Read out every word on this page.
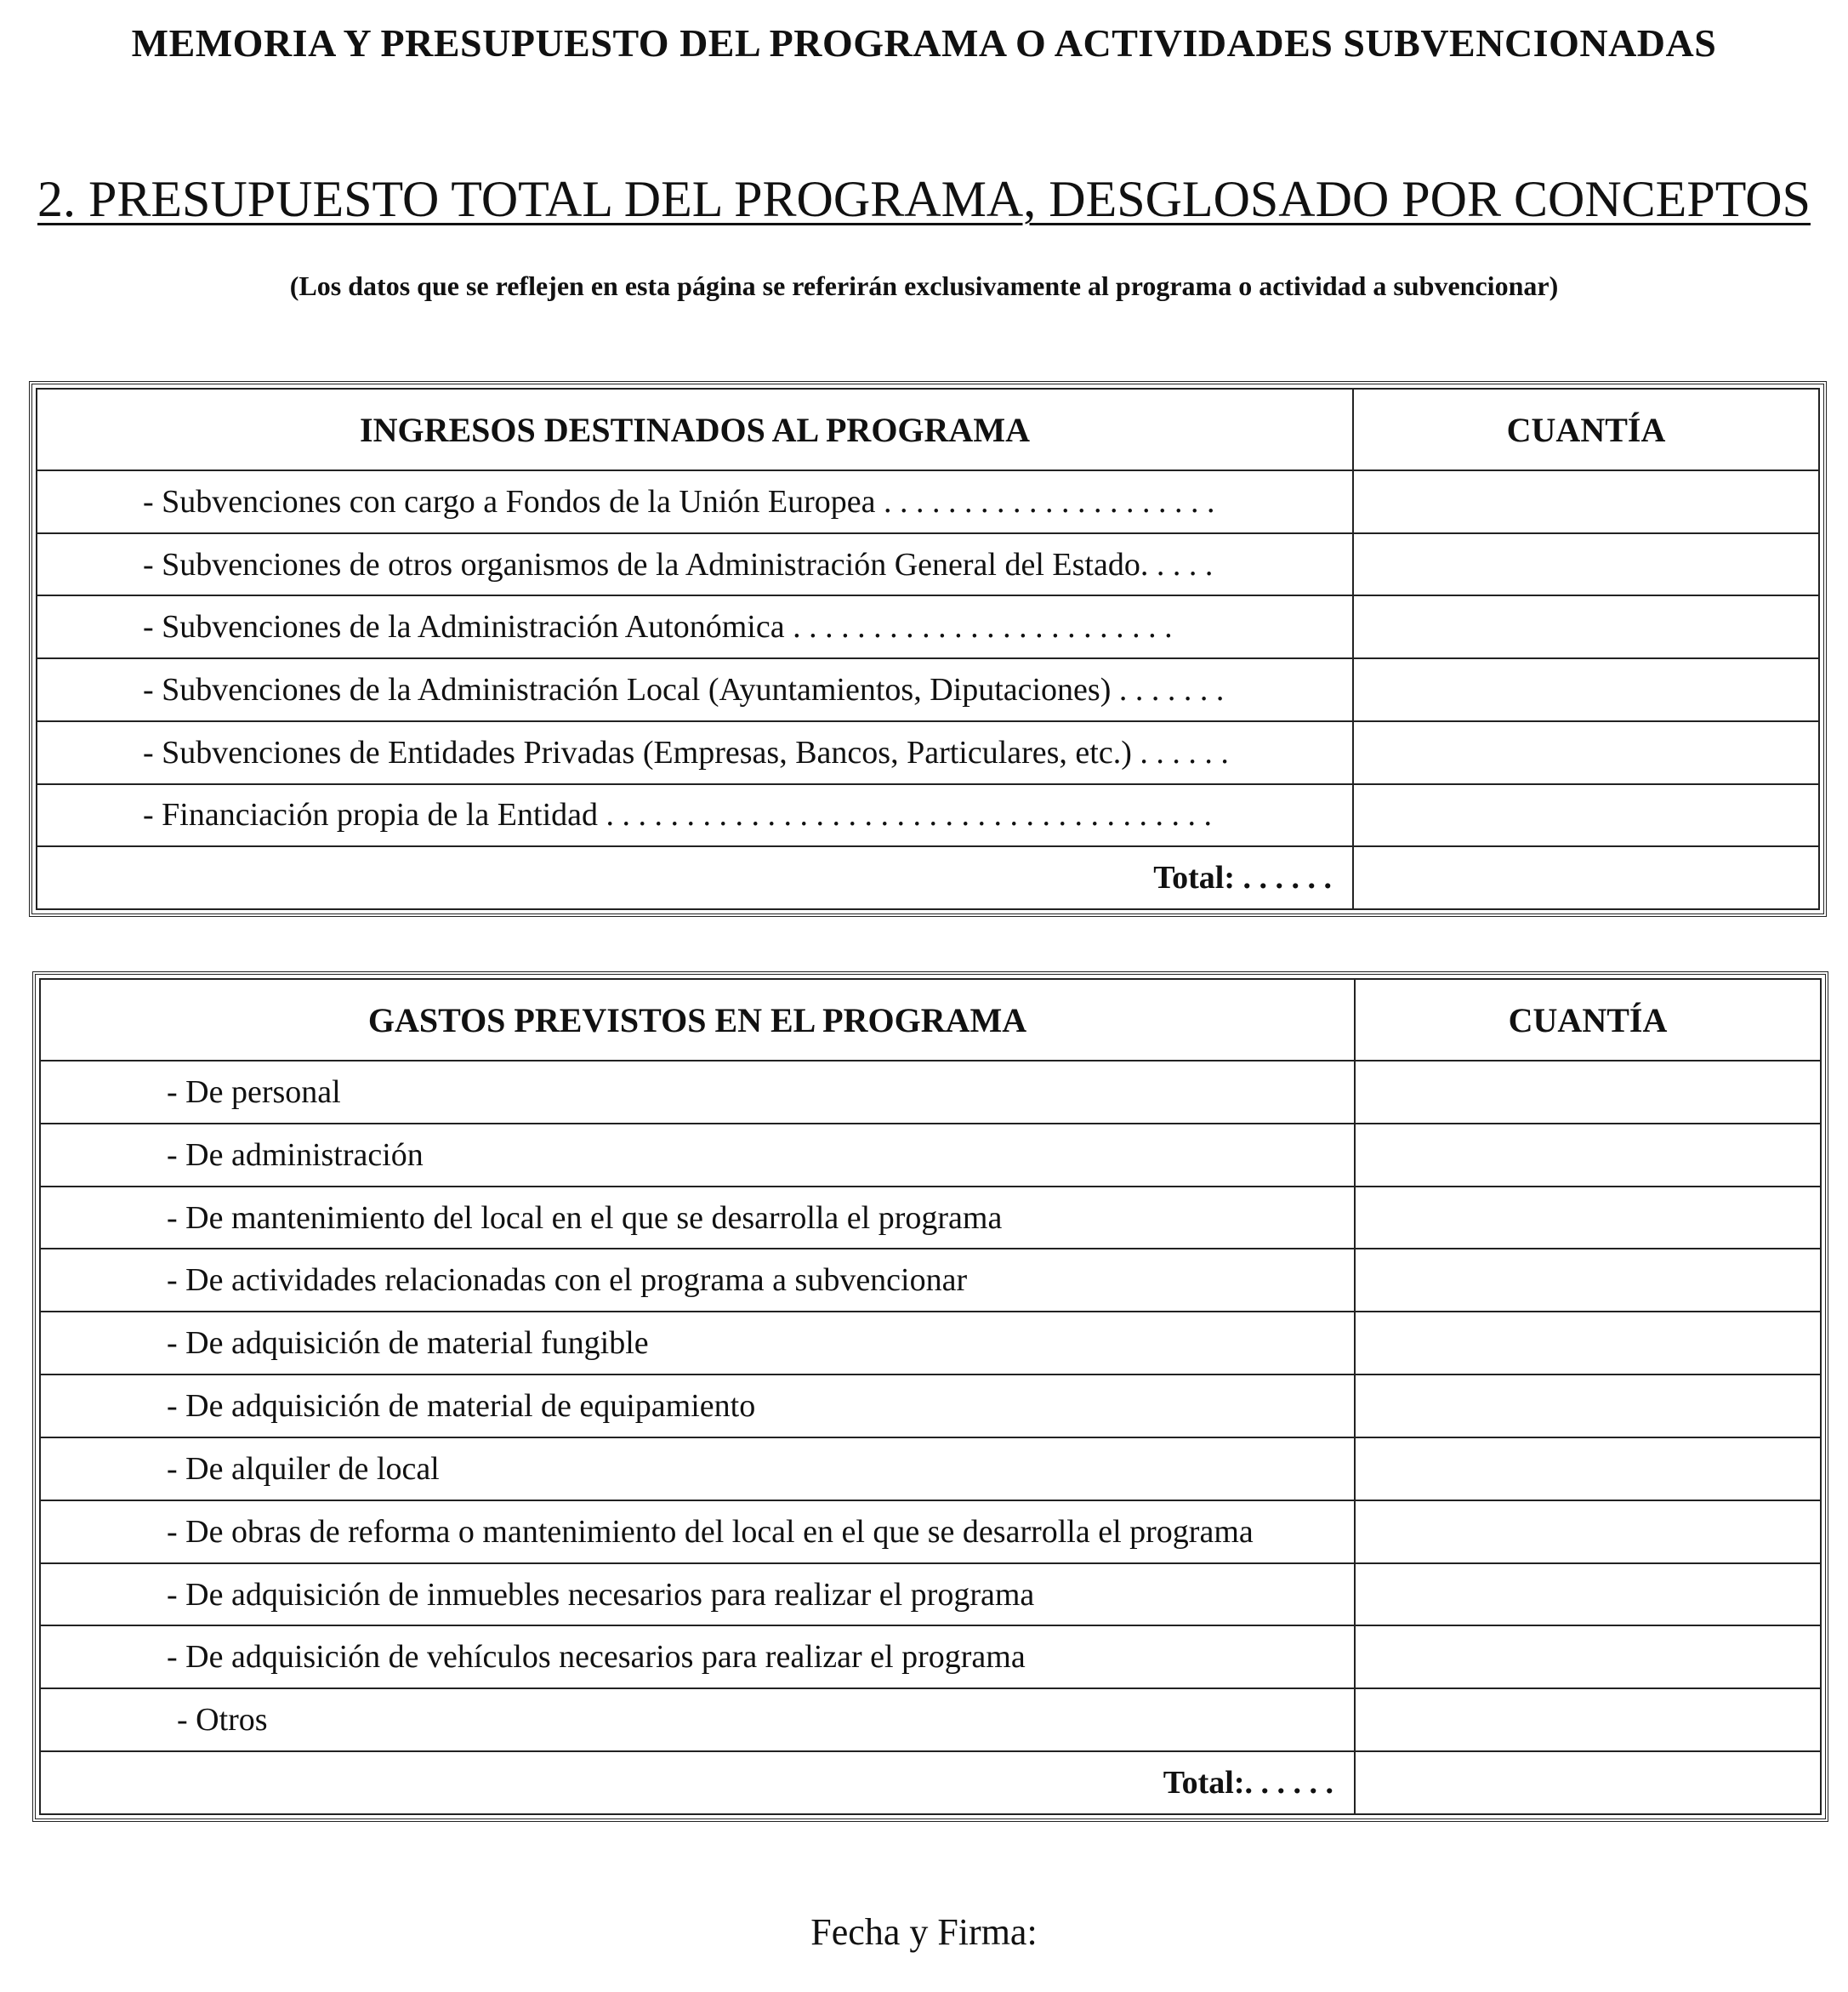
MEMORIA Y PRESUPUESTO DEL PROGRAMA O ACTIVIDADES SUBVENCIONADAS
2. PRESUPUESTO TOTAL DEL PROGRAMA, DESGLOSADO POR CONCEPTOS
(Los datos que se reflejen en esta página se referirán exclusivamente al programa o actividad a subvencionar)
INGRESOS DESTINADOS AL PROGRAMA	CUANTÍA
- Subvenciones con cargo a Fondos de la Unión Europea . . . . . . . . . . . . . . . . . . . . .	
- Subvenciones de otros organismos de la Administración General del Estado. . . . .	
- Subvenciones de la Administración Autonómica . . . . . . . . . . . . . . . . . . . . . . . .	
- Subvenciones de la Administración Local (Ayuntamientos, Diputaciones) . . . . . . .	
- Subvenciones de Entidades Privadas (Empresas, Bancos, Particulares, etc.) . . . . . .	
- Financiación propia de la Entidad . . . . . . . . . . . . . . . . . . . . . . . . . . . . . . . . . . . . . .	
Total: . . . . . .	
GASTOS PREVISTOS EN EL PROGRAMA	CUANTÍA
- De personal	
- De administración	
- De mantenimiento del local en el que se desarrolla el programa	
- De actividades relacionadas con el programa a subvencionar	
- De adquisición de material fungible	
- De adquisición de material de equipamiento	
- De alquiler de local	
- De obras de reforma o mantenimiento del local en el que se desarrolla el programa	
- De adquisición de inmuebles necesarios para realizar el programa	
- De adquisición de vehículos necesarios para realizar el programa	
- Otros	
Total:. . . . . .	
Fecha y Firma:
